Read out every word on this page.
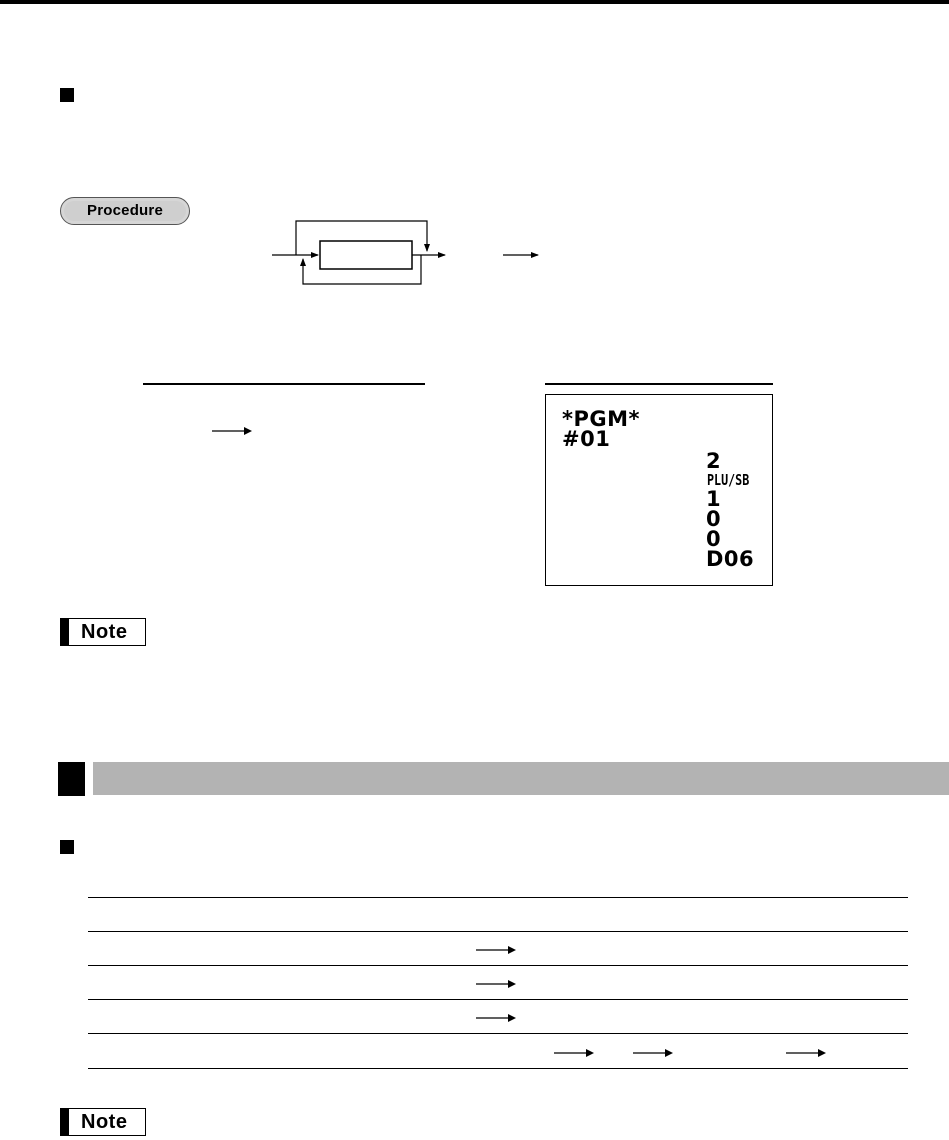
Procedure
*PGM*
#01
2
PLU/SB
1
0
0
D06
Note
Note
